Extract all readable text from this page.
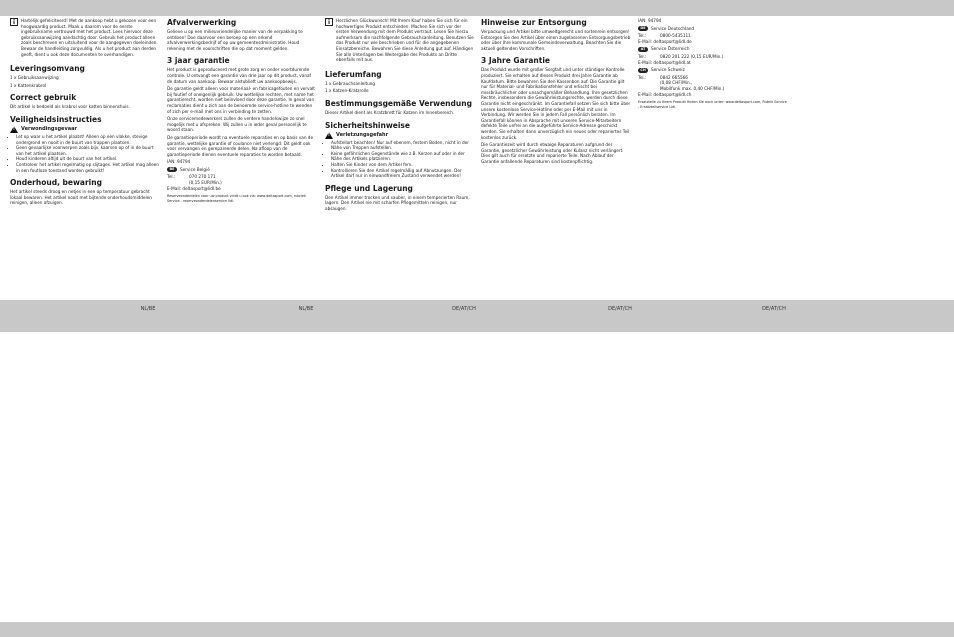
i	Hartelijk gefeliciteerd! Met de aankoop hebt u gekozen voor een hoogwaardig product. Maak u daarom voor de eerste ingebruikname vertrouwd met het product. Lees hiervoor deze gebruiksaanwijzing aandachtig door. Gebruik het product alleen zoals beschreven en uitsluitend voor de aangegeven doeleinden. Bewaar de handleiding zorgvuldig. Als u het product aan derden geeft, dient u ook deze documenten te overhandigen.

Leveringsomvang

1 x Gebruiksaanwijzing

1 x Kattenkrabrol

Correct gebruik

Dit artikel is bedoeld als krabrol voor katten binnenshuis.

Veiligheidsinstructies
!
Verwondingsgevaar
• Let op waar u het artikel plaatst! Alleen op een vlakke, stevige ondergrond en nooit in de buurt van trappen plaatsen.
• Geen gevaarlijke voorwerpen zoals bijv. kaarsen op of in de buurt van het artikel plaatsen.
• Houd kinderen altijd uit de buurt van het artikel.
• Controleer het artikel regelmatig op slijtages. Het artikel mag alleen in een foutloze toestand worden gebruikt!
Onderhoud, bewaring

Het artikel steeds droog en netjes in een op temperatuur gebracht lokaal bewaren. Het artikel nooit met bijtende onderhoudsmiddelen reinigen, alleen afzuigen.

Afvalverwerking

Gelieve u op een milieuvriendelijke manier van de verpakking te ontdoen! Doe daarvoor een beroep op een erkend afvalverwerkingsbedrijf of op uw gemeentesdministratie. Houd rekening met de voorschriften die op dat moment gelden.

3 jaar garantie

Het product is geproduceerd met grote zorg en onder voortdurende controle. U ontvangt een garantie van drie jaar op dit product, vanaf de datum van aankoop. Bewaar alstublieft uw aankoopbewijs.

De garantie geldt alleen voor materiaal- en fabricagefouten en vervalt bij foutief of oneigenlijk gebruik. Uw wettelijke rechten, met name het garantierecht, worden niet beïnvloed door deze garantie. In geval van reclamaties dient u zich aan de benoemde service-hotline te wenden of zich per e-mail met ons in verbinding te zetten.

Onze servicemedewerkers zullen de verdere handelswijze zo snel mogelijk met u afspreken. Wij zullen u in ieder geval persoonlijk te woord staan.

De garantieperiode wordt na eventuele reparaties en op basis van de garantie, wettelijke garantie of coulance niet verlengd. Dit geldt ook voor vervangen en gerepareerde delen. Na afloop van de garantieperiode dienen eventuele reparaties te worden betaald.

IAN: 94794

BE Service België

Tel.:	070 270 171
(0,15 EUR/Min.)

E-Mail: deltasport@lidl.be

Reserveonderdelen voor uw product vindt u ook via: www.deltasport.com, rubriek Service - reserveonderdelenservice lidl.

i	Herzlichen Glückwunsch! Mit Ihrem Kauf haben Sie sich für ein hochwertiges Produkt entschieden. Machen Sie sich vor der ersten Verwendung mit dem Produkt vertraut. Lesen Sie hierzu aufmerksam die nachfolgende Gebrauchsanleitung. Benutzen Sie das Produkt nur wie beschrieben und für die angegebenen Einsatzbereiche. Bewahren Sie diese Anleitung gut auf. Händigen Sie alle Unterlagen bei Weitergabe des Produkts an Dritte ebenfalls mit aus.

Lieferumfang

1 x Gebrauchsanleitung

1 x Katzen-Kratzrolle

Bestimmungsgemäße Verwendung

Dieser Artikel dient als Kratzbrett für Katzen im Innenbereich.

Sicherheitshinweise
!
Verletzungsgefahr
• Aufstellort beachten! Nur auf ebenem, festem Boden, nicht in der Nähe von Treppen aufstellen.
• Keine gefährlichen Gegenstände wie z.B. Kerzen auf oder in der Nähe des Artikels platzieren.
• Halten Sie Kinder von dem Artikel fern.
• Kontrollieren Sie den Artikel regelmäßig auf Abnutzungen. Der Artikel darf nur in einwandfreiem Zustand verwendet werden!
Pflege und Lagerung

Den Artikel immer trocken und sauber, in einem temperierten Raum, lagern. Den Artikel nie mit scharfen Pflegemitteln reinigen, nur absaugen.

Hinweise zur Entsorgung

Verpackung und Artikel bitte umweltgerecht und sortenrein entsorgen! Entsorgen Sie den Artikel über einen zugelassenen Entsorgungsbetrieb oder über Ihre kommunale Gemeindeverwaltung. Beachten Sie die aktuell geltenden Vorschriften.

3 Jahre Garantie

Das Produkt wurde mit großer Sorgfalt und unter ständiger Kontrolle produziert. Sie erhalten auf dieses Produkt drei Jahre Garantie ab Kaufdatum. Bitte bewahren Sie den Kassenbon auf. Die Garantie gilt nur für Material- und Fabrikationsfehler und erlischt bei missbräuchlicher oder unsachgemäßer Behandlung. Ihre gesetzlichen Rechte, insbesondere die Gewährleistungsrechte, werden durch diese Garantie nicht eingeschränkt. Im Garantiefall setzen Sie sich bitte über unsere kostenlose Service-Hotline oder per E-Mail mit uns in Verbindung. Wir werden Sie in jedem Fall persönlich beraten. Im Garantiefall können in Absprache mit unseren Service-Mitarbeitern defekte Teile unfrei an die aufgeführte Service-Adresse geschickt werden. Sie erhalten dann unverzüglich ein neues oder repariertes Teil kostenlos zurück.

Die Garantiezeit wird durch etwaige Reparaturen aufgrund der Garantie, gesetzlicher Gewährleistung oder Kulanz nicht verlängert. Dies gilt auch für ersetzte und reparierte Teile. Nach Ablauf der Garantie anfallende Reparaturen sind kostenpflichtig.

IAN: 94794

DE Service Deutschland

Tel.:	0800-5435111

E-Mail: deltasport@lidl.de

AT Service Österreich

Tel.:	0820 201 222 (0,15 EUR/Min.)

E-Mail: deltasport@lidl.at

CH Service Schweiz

Tel.:	0842 665566
(0,08 CHF/Min.,
Mobilfunk max. 0,40 CHF/Min.)

E-Mail: deltasport@lidl.ch

Ersatzteile zu Ihrem Produkt finden Sie auch unter: www.deltasport.com, Rubrik Service - Ersatzteilservice Lidl.

NL/BE	NL/BE	DE/AT/CH	DE/AT/CH	DE/AT/CH
